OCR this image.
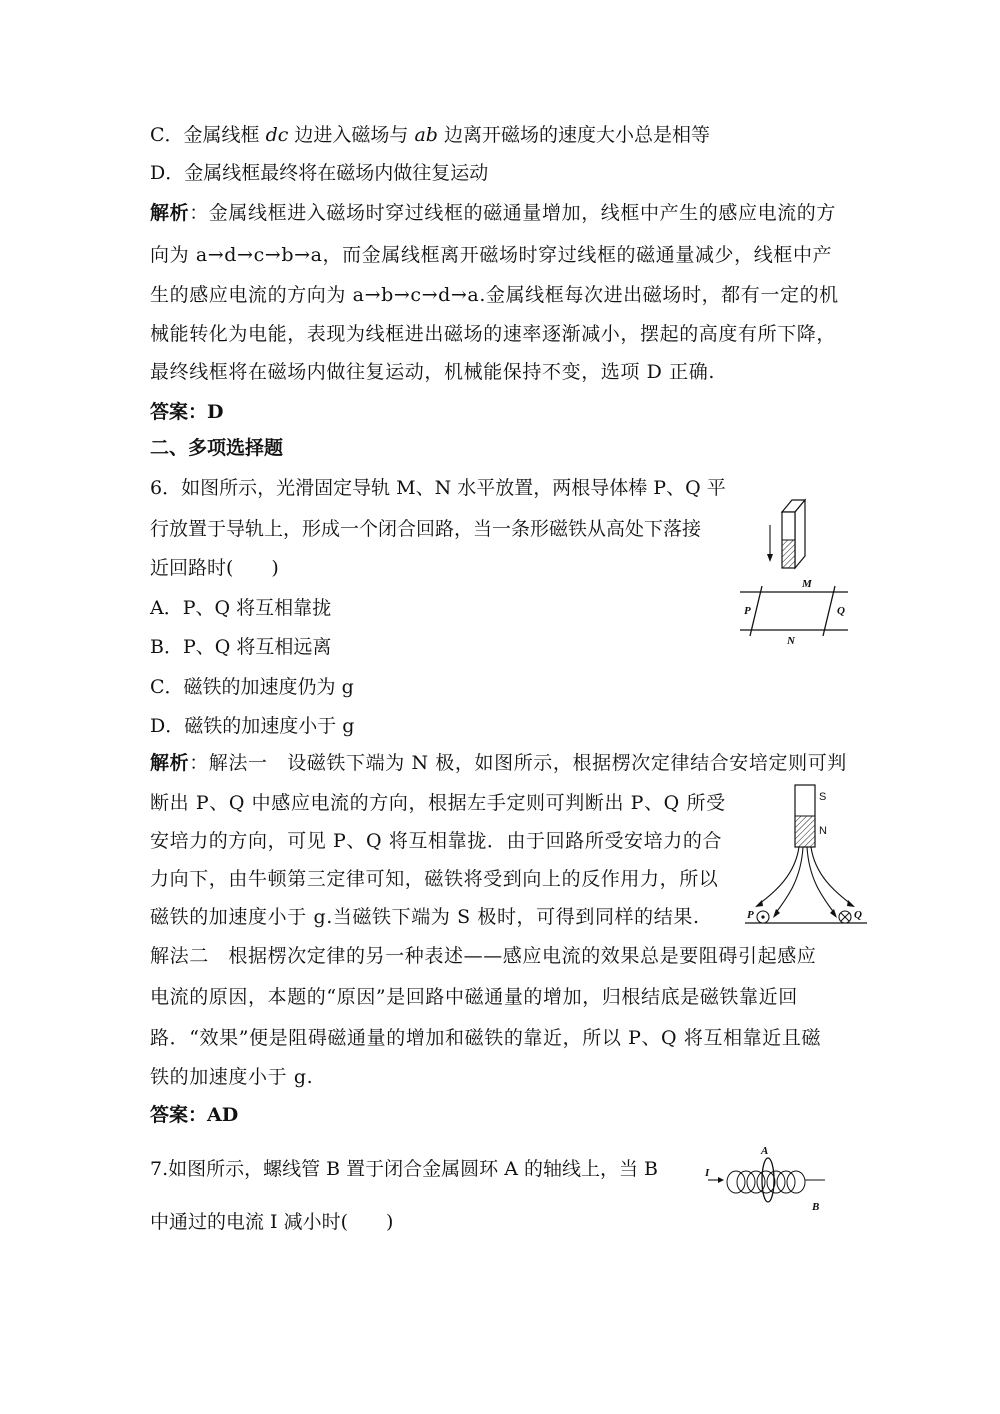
C．金属线框 dc 边进入磁场与 ab 边离开磁场的速度大小总是相等
D．金属线框最终将在磁场内做往复运动
解析：金属线框进入磁场时穿过线框的磁通量增加，线框中产生的感应电流的方
向为 a→d→c→b→a，而金属线框离开磁场时穿过线框的磁通量减少，线框中产
生的感应电流的方向为 a→b→c→d→a.金属线框每次进出磁场时，都有一定的机
械能转化为电能，表现为线框进出磁场的速率逐渐减小，摆起的高度有所下降，
最终线框将在磁场内做往复运动，机械能保持不变，选项 D 正确.
答案：D
二、多项选择题
6．如图所示，光滑固定导轨 M、N 水平放置，两根导体棒 P、Q 平
行放置于导轨上，形成一个闭合回路，当一条形磁铁从高处下落接
近回路时(　　)
A．P、Q 将互相靠拢
B．P、Q 将互相远离
C．磁铁的加速度仍为 g
D．磁铁的加速度小于 g
M
N
P	Q
解析：解法一　设磁铁下端为 N 极，如图所示，根据楞次定律结合安培定则可判
断出 P、Q 中感应电流的方向，根据左手定则可判断出 P、Q 所受
安培力的方向，可见 P、Q 将互相靠拢．由于回路所受安培力的合
力向下，由牛顿第三定律可知，磁铁将受到向上的反作用力，所以
磁铁的加速度小于 g.当磁铁下端为 S 极时，可得到同样的结果.
解法二　根据楞次定律的另一种表述——感应电流的效果总是要阻碍引起感应
电流的原因，本题的“原因”是回路中磁通量的增加，归根结底是磁铁靠近回
路．“效果”便是阻碍磁通量的增加和磁铁的靠近，所以 P、Q 将互相靠近且磁
铁的加速度小于 g.
答案：AD
S
N
P	Q
7.如图所示，螺线管 B 置于闭合金属圆环 A 的轴线上，当 B
中通过的电流 I 减小时(　　)
I
A
B
